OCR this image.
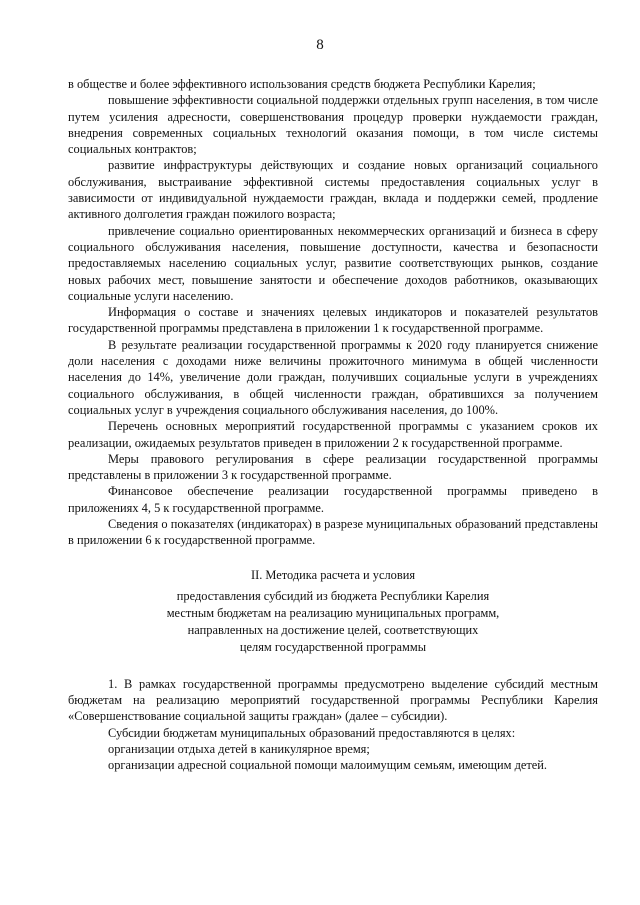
8

в обществе и более эффективного использования средств бюджета Республики Карелия;

повышение эффективности социальной поддержки отдельных групп населения, в том числе путем усиления адресности, совершенствования процедур проверки нуждаемости граждан, внедрения современных социальных технологий оказания помощи, в том числе системы социальных контрактов;

развитие инфраструктуры действующих и создание новых организаций социального обслуживания, выстраивание эффективной системы предоставления социальных услуг в зависимости от индивидуальной нуждаемости граждан, вклада и поддержки семей, продление активного долголетия граждан пожилого возраста;

привлечение социально ориентированных некоммерческих организаций и бизнеса в сферу социального обслуживания населения, повышение доступности, качества и безопасности предоставляемых населению социальных услуг, развитие соответствующих рынков, создание новых рабочих мест, повышение занятости и обеспечение доходов работников, оказывающих социальные услуги населению.

Информация о составе и значениях целевых индикаторов и показателей результатов государственной программы представлена в приложении 1 к государственной программе.

В результате реализации государственной программы к 2020 году планируется снижение доли населения с доходами ниже величины прожиточного минимума в общей численности населения до 14%, увеличение доли граждан, получивших социальные услуги в учреждениях социального обслуживания, в общей численности граждан, обратившихся за получением социальных услуг в учреждения социального обслуживания населения, до 100%.

Перечень основных мероприятий государственной программы с указанием сроков их реализации, ожидаемых результатов приведен в приложении 2 к государственной программе.

Меры правового регулирования в сфере реализации государственной программы представлены в приложении 3 к государственной программе.

Финансовое обеспечение реализации государственной программы приведено в приложениях 4, 5 к государственной программе.

Сведения о показателях (индикаторах) в разрезе муниципальных образований представлены в приложении 6 к государственной программе.

II. Методика расчета и условия
предоставления субсидий из бюджета Республики Карелия
местным бюджетам на реализацию муниципальных программ,
направленных на достижение целей, соответствующих
целям государственной программы

1. В рамках государственной программы предусмотрено выделение субсидий местным бюджетам на реализацию мероприятий государственной программы Республики Карелия «Совершенствование социальной защиты граждан» (далее – субсидии).

Субсидии бюджетам муниципальных образований предоставляются в целях:

организации отдыха детей в каникулярное время;

организации адресной социальной помощи малоимущим семьям, имеющим детей.
